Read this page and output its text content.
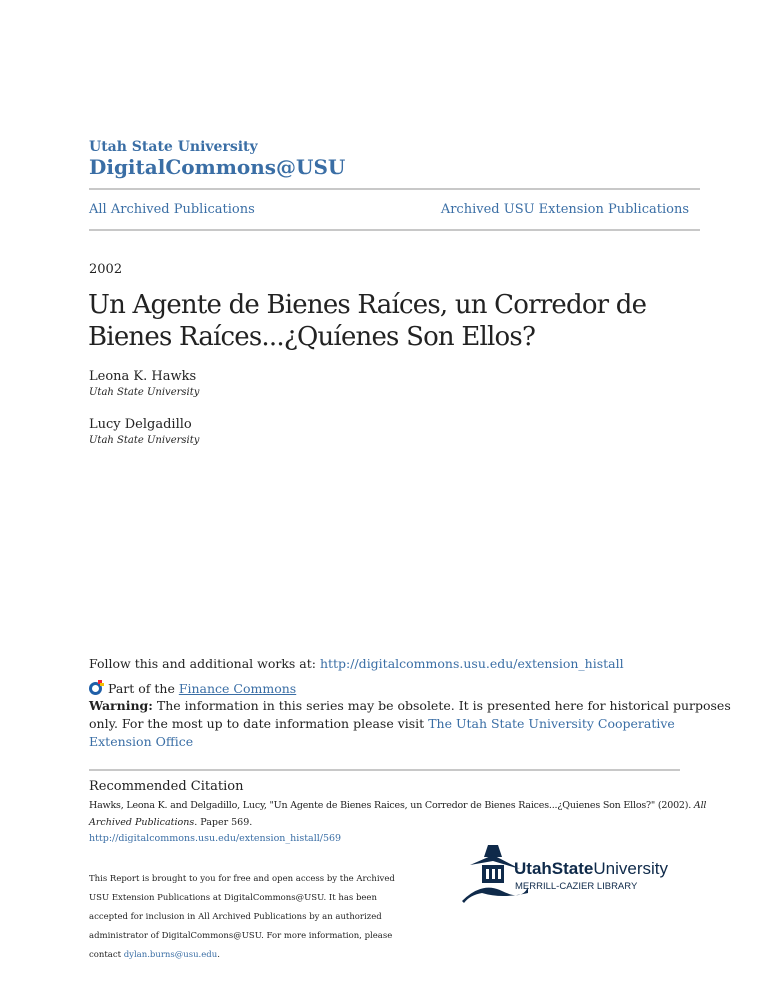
Utah State University
DigitalCommons@USU
All Archived Publications	Archived USU Extension Publications
2002
Un Agente de Bienes Raíces, un Corredor de
Bienes Raíces...¿Quíenes Son Ellos?
Leona K. Hawks
Utah State University
Lucy Delgadillo
Utah State University
Follow this and additional works at: http://digitalcommons.usu.edu/extension_histall
Part of the Finance Commons
Warning: The information in this series may be obsolete. It is presented here for historical purposes
only. For the most up to date information please visit The Utah State University Cooperative
Extension Office
Recommended Citation
Hawks, Leona K. and Delgadillo, Lucy, "Un Agente de Bienes Raices, un Corredor de Bienes Raices...¿Quienes Son Ellos?" (2002). All
Archived Publications. Paper 569.
http://digitalcommons.usu.edu/extension_histall/569
This Report is brought to you for free and open access by the Archived
USU Extension Publications at DigitalCommons@USU. It has been
accepted for inclusion in All Archived Publications by an authorized
administrator of DigitalCommons@USU. For more information, please
contact dylan.burns@usu.edu.
UtahStateUniversity
MERRILL-CAZIER LIBRARY
